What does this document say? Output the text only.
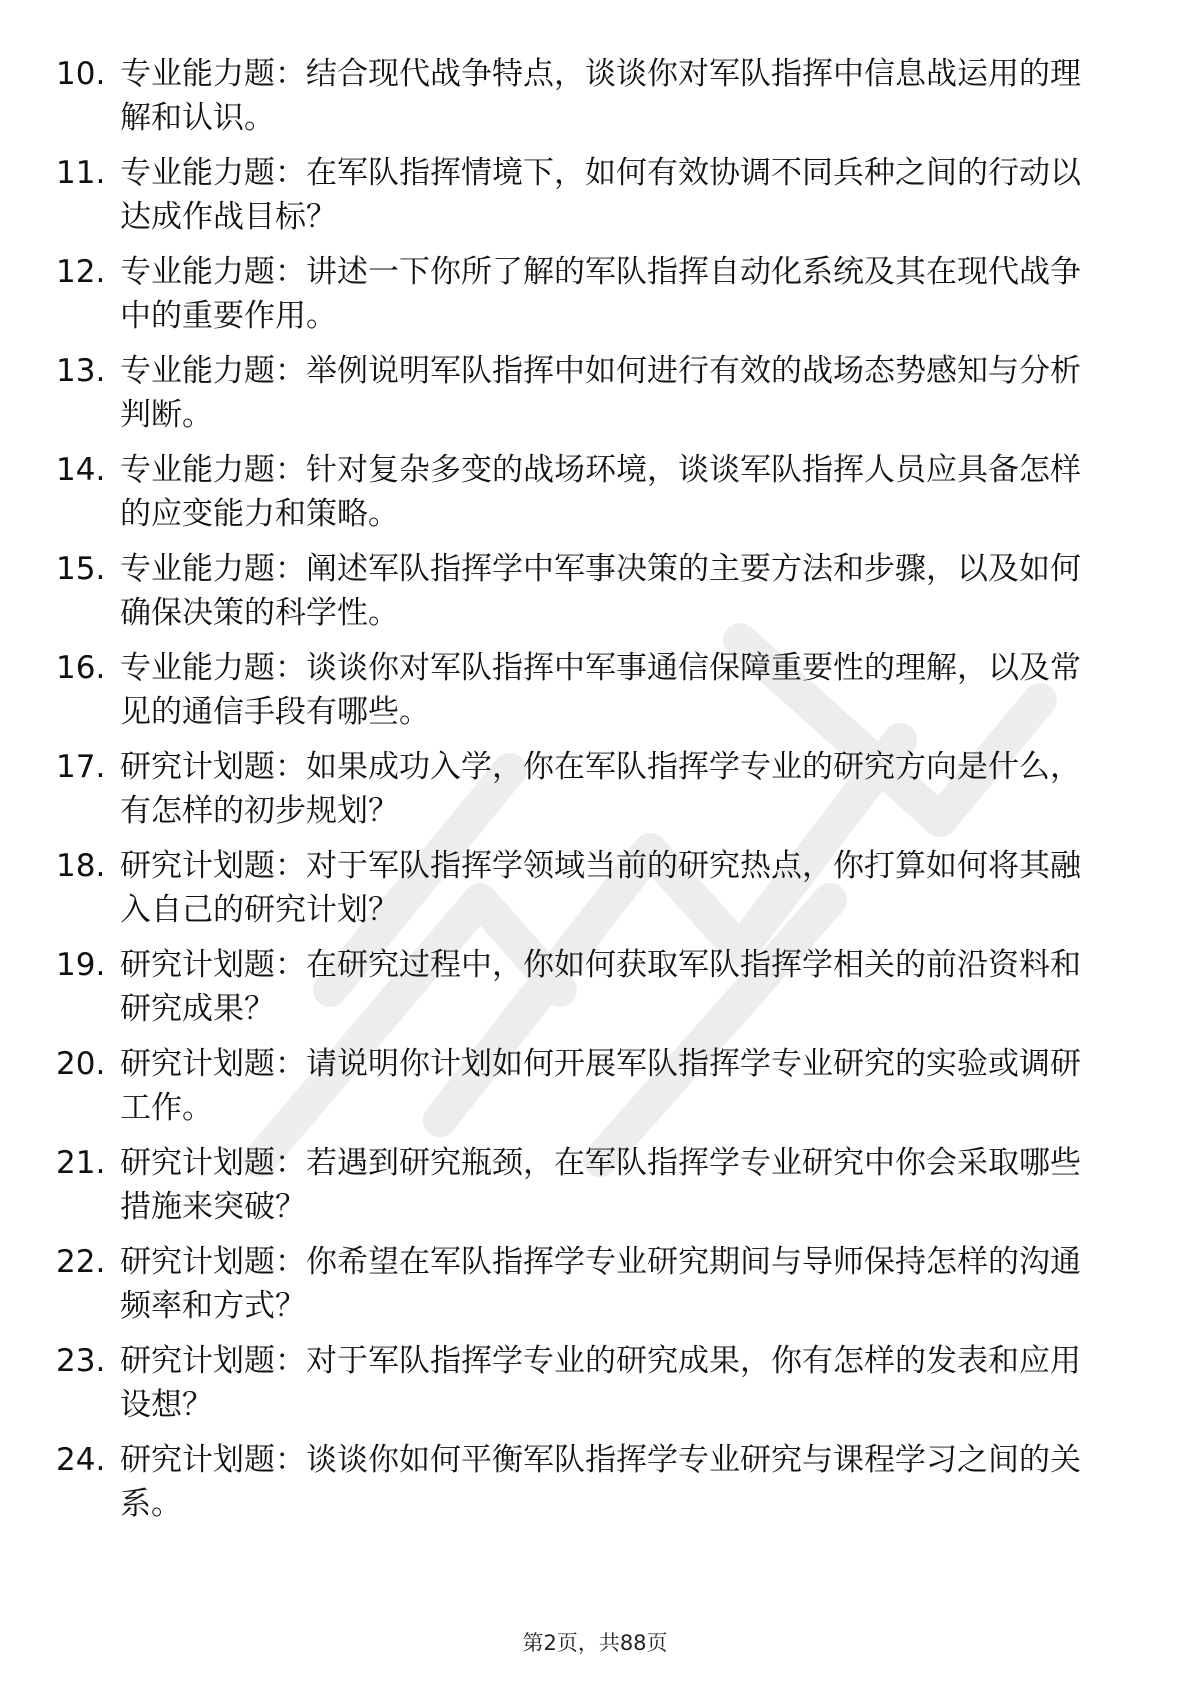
10. 专业能力题：结合现代战争特点，谈谈你对军队指挥中信息战运用的理解和认识。
11. 专业能力题：在军队指挥情境下，如何有效协调不同兵种之间的行动以达成作战目标？
12. 专业能力题：讲述一下你所了解的军队指挥自动化系统及其在现代战争中的重要作用。
13. 专业能力题：举例说明军队指挥中如何进行有效的战场态势感知与分析判断。
14. 专业能力题：针对复杂多变的战场环境，谈谈军队指挥人员应具备怎样的应变能力和策略。
15. 专业能力题：阐述军队指挥学中军事决策的主要方法和步骤，以及如何确保决策的科学性。
16. 专业能力题：谈谈你对军队指挥中军事通信保障重要性的理解，以及常见的通信手段有哪些。
17. 研究计划题：如果成功入学，你在军队指挥学专业的研究方向是什么，有怎样的初步规划？
18. 研究计划题：对于军队指挥学领域当前的研究热点，你打算如何将其融入自己的研究计划？
19. 研究计划题：在研究过程中，你如何获取军队指挥学相关的前沿资料和研究成果？
20. 研究计划题：请说明你计划如何开展军队指挥学专业研究的实验或调研工作。
21. 研究计划题：若遇到研究瓶颈，在军队指挥学专业研究中你会采取哪些措施来突破？
22. 研究计划题：你希望在军队指挥学专业研究期间与导师保持怎样的沟通频率和方式？
23. 研究计划题：对于军队指挥学专业的研究成果，你有怎样的发表和应用设想？
24. 研究计划题：谈谈你如何平衡军队指挥学专业研究与课程学习之间的关系。
第2页，共88页
